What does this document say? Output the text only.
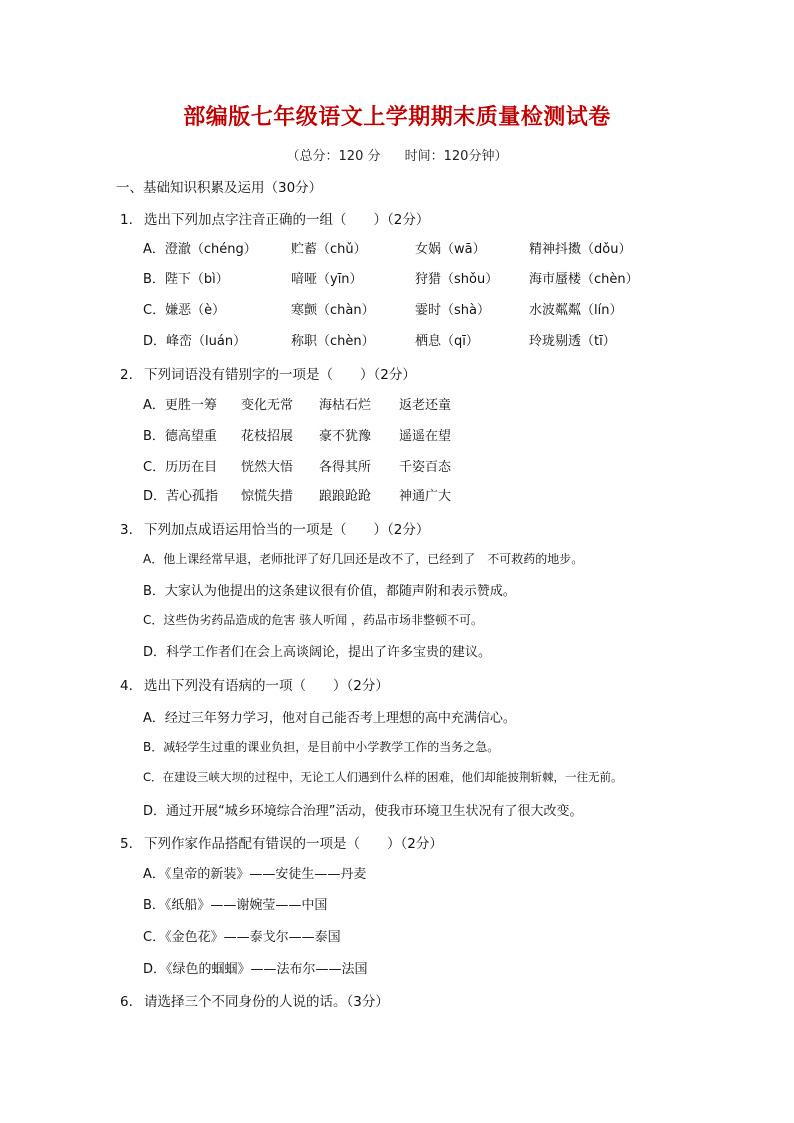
部编版七年级语文上学期期末质量检测试卷
（总分：120 分 时间：120分钟）
一、基础知识积累及运用（30分）
1. 选出下列加点字注音正确的一组（　　）（2分）
A．澄澈（chéng）	贮蓄（chǔ）	女娲（wā）	精神抖擞（dǒu）
B．陛下（bì）	喑哑（yīn）	狩猎（shǒu） 海市蜃楼（chèn）
C．嫌恶（è）	寒颤（chàn）	霎时（shà）	水波粼粼（lín）
D．峰峦（luán）	称职（chèn）	栖息（qī）	玲珑剔透（tī）
2. 下列词语没有错别字的一项是（　　）（2分）
A．更胜一筹 变化无常 海枯石烂 返老还童
B．德高望重 花枝招展 豪不犹豫 遥遥在望
C．历历在目 恍然大悟 各得其所 千姿百态
D．苦心孤指 惊慌失措 踉踉跄跄 神通广大
3. 下列加点成语运用恰当的一项是（　　）（2分）
A．他上课经常早退，老师批评了好几回还是改不了，已经到了　不可救药的地步。
B．大家认为他提出的这条建议很有价值，都随声附和表示赞成。
C．这些伪劣药品造成的危害 骇人听闻 ，药品市场非整顿不可。
D．科学工作者们在会上高谈阔论，提出了许多宝贵的建议。
4. 选出下列没有语病的一项（　　）（2分）
A．经过三年努力学习，他对自己能否考上理想的高中充满信心。
B．减轻学生过重的课业负担，是目前中小学教学工作的当务之急。
C．在建设三峡大坝的过程中，无论工人们遇到什么样的困难，他们却能披荆斩棘，一往无前。
D．通过开展“城乡环境综合治理”活动，使我市环境卫生状况有了很大改变。
5. 下列作家作品搭配有错误的一项是（　　）（2分）
A．《皇帝的新装》——安徒生——丹麦
B．《纸船》——谢婉莹——中国
C．《金色花》——泰戈尔——泰国
D．《绿色的蝈蝈》——法布尔——法国
6. 请选择三个不同身份的人说的话。（3分）
